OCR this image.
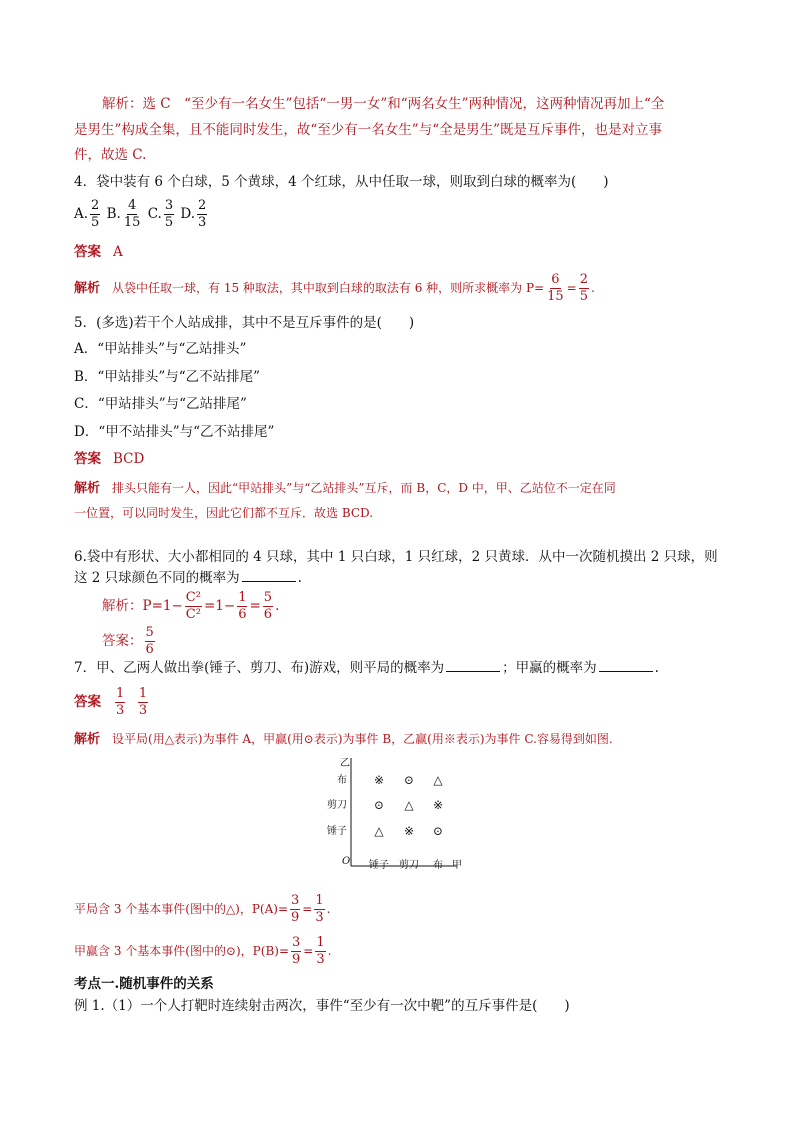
解析：选 C　“至少有一名女生”包括“一男一女”和“两名女生”两种情况，这两种情况再加上“全
是男生”构成全集，且不能同时发生，故“至少有一名女生”与“全是男生”既是互斥事件，也是对立事
件，故选 C.
4．袋中装有 6 个白球，5 个黄球，4 个红球，从中任取一球，则取到白球的概率为(　　)
A. $\frac{2}{5} B$. $\frac{4}{15} C$. $\frac{3}{5} D$. $\frac{2}{3}$
答案 A
解析 从袋中任取一球，有 15 种取法，其中取到白球的取法有 6 种，则所求概率为 $P= \frac{6}{15} = \frac{2}{5}$ .
5．(多选)若干个人站成排，其中不是互斥事件的是(　　)
A．“甲站排头”与“乙站排头”
B．“甲站排头”与“乙不站排尾”
C．“甲站排头”与“乙站排尾”
D．“甲不站排头”与“乙不站排尾”
答案 BCD
解析 排头只能有一人，因此“甲站排头”与“乙站排头”互斥，而 B，C，D 中，甲、乙站位不一定在同
一位置，可以同时发生，因此它们都不互斥．故选 BCD.
6.袋中有形状、大小都相同的 4 只球，其中 1 只白球，1 只红球，2 只黄球．从中一次随机摸出 2 只球，则
这 2 只球颜色不同的概率为	.
解析：$P=1- \frac{\text{C²}}{\text{C²}} =1- \frac{1}{6} = \frac{5}{6}$ .
答案： $\frac{5}{6}$
7．甲、乙两人做出拳(锤子、剪刀、布)游戏，则平局的概率为	；甲赢的概率为	.
答案 $\frac{1}{3}$
$\frac{1}{3}$
解析 设平局(用△表示)为事件 A，甲赢(用⊙表示)为事件 B，乙赢(用※表示)为事件 C.容易得到如图.
乙
甲
O
布
剪刀
锤子
锤子 剪刀 布
※ ⊙ △
⊙ △ ※
△ ※ ⊙
平局含 3 个基本事件(图中的△)，$P(A)= \frac{3}{9} = \frac{1}{3}$ .
甲赢含 3 个基本事件(图中的⊙)，$P(B)= \frac{3}{9} = \frac{1}{3}$ .
考点一.随机事件的关系
例 1.（1）一个人打靶时连续射击两次，事件“至少有一次中靶”的互斥事件是(　　)
